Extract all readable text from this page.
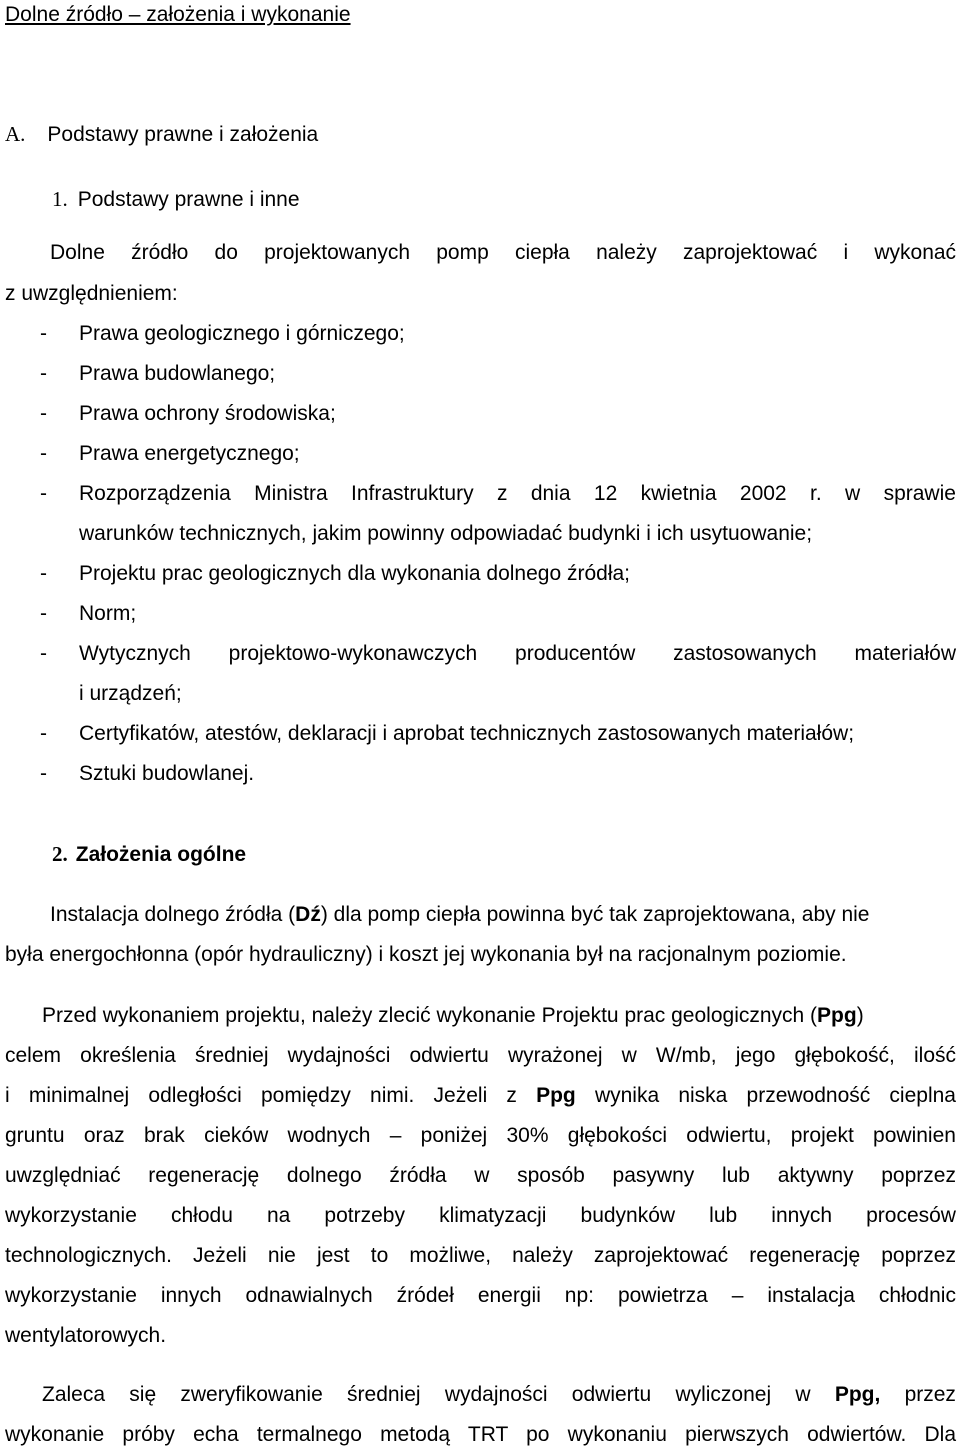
Dolne źródło – założenia i wykonanie
A. Podstawy prawne i założenia
1. Podstawy prawne i inne
Dolne źródło do projektowanych pomp ciepła należy zaprojektować i wykonać
z uwzględnieniem:
- Prawa geologicznego i górniczego;
- Prawa budowlanego;
- Prawa ochrony środowiska;
- Prawa energetycznego;
- Rozporządzenia Ministra Infrastruktury z dnia 12 kwietnia 2002 r. w sprawie
warunków technicznych, jakim powinny odpowiadać budynki i ich usytuowanie;
- Projektu prac geologicznych dla wykonania dolnego źródła;
- Norm;
- Wytycznych projektowo-wykonawczych producentów zastosowanych materiałów
i urządzeń;
- Certyfikatów, atestów, deklaracji i aprobat technicznych zastosowanych materiałów;
- Sztuki budowlanej.
2. Założenia ogólne
Instalacja dolnego źródła (Dź) dla pomp ciepła powinna być tak zaprojektowana, aby nie
była energochłonna (opór hydrauliczny) i koszt jej wykonania był na racjonalnym poziomie.
Przed wykonaniem projektu, należy zlecić wykonanie Projektu prac geologicznych (Ppg)
celem określenia średniej wydajności odwiertu wyrażonej w W/mb, jego głębokość, ilość
i minimalnej odległości pomiędzy nimi. Jeżeli z Ppg wynika niska przewodność cieplna
gruntu oraz brak cieków wodnych – poniżej 30% głębokości odwiertu, projekt powinien
uwzględniać regenerację dolnego źródła w sposób pasywny lub aktywny poprzez
wykorzystanie chłodu na potrzeby klimatyzacji budynków lub innych procesów
technologicznych. Jeżeli nie jest to możliwe, należy zaprojektować regenerację poprzez
wykorzystanie innych odnawialnych źródeł energii np: powietrza – instalacja chłodnic
wentylatorowych.
Zaleca się zweryfikowanie średniej wydajności odwiertu wyliczonej w Ppg, przez
wykonanie próby echa termalnego metodą TRT po wykonaniu pierwszych odwiertów. Dla
